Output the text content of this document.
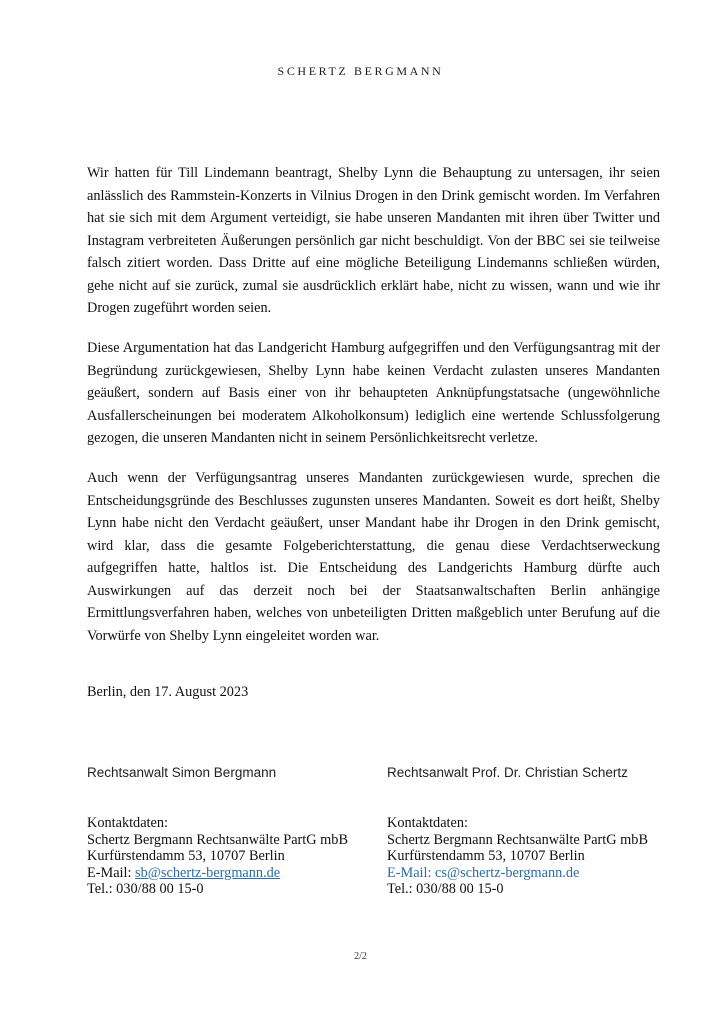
SCHERTZ BERGMANN

Wir hatten für Till Lindemann beantragt, Shelby Lynn die Behauptung zu untersagen, ihr seien anlässlich des Rammstein-Konzerts in Vilnius Drogen in den Drink gemischt worden. Im Verfahren hat sie sich mit dem Argument verteidigt, sie habe unseren Mandanten mit ihren über Twitter und Instagram verbreiteten Äußerungen persönlich gar nicht beschuldigt. Von der BBC sei sie teilweise falsch zitiert worden. Dass Dritte auf eine mögliche Beteiligung Lindemanns schließen würden, gehe nicht auf sie zurück, zumal sie ausdrücklich erklärt habe, nicht zu wissen, wann und wie ihr Drogen zugeführt worden seien.

Diese Argumentation hat das Landgericht Hamburg aufgegriffen und den Verfügungsantrag mit der Begründung zurückgewiesen, Shelby Lynn habe keinen Verdacht zulasten unseres Mandanten geäußert, sondern auf Basis einer von ihr behaupteten Anknüpfungstatsache (ungewöhnliche Ausfallerscheinungen bei moderatem Alkoholkonsum) lediglich eine wertende Schlussfolgerung gezogen, die unseren Mandanten nicht in seinem Persönlichkeitsrecht verletze.

Auch wenn der Verfügungsantrag unseres Mandanten zurückgewiesen wurde, sprechen die Entscheidungsgründe des Beschlusses zugunsten unseres Mandanten. Soweit es dort heißt, Shelby Lynn habe nicht den Verdacht geäußert, unser Mandant habe ihr Drogen in den Drink gemischt, wird klar, dass die gesamte Folgeberichterstattung, die genau diese Verdachtserweckung aufgegriffen hatte, haltlos ist. Die Entscheidung des Landgerichts Hamburg dürfte auch Auswirkungen auf das derzeit noch bei der Staatsanwaltschaften Berlin anhängige Ermittlungsverfahren haben, welches von unbeteiligten Dritten maßgeblich unter Berufung auf die Vorwürfe von Shelby Lynn eingeleitet worden war.

Berlin, den 17. August 2023
Rechtsanwalt Simon Bergmann	Rechtsanwalt Prof. Dr. Christian Schertz
Kontaktdaten:
Schertz Bergmann Rechtsanwälte PartG mbB
Kurfürstendamm 53, 10707 Berlin
E-Mail: sb@schertz-bergmann.de
Tel.: 030/88 00 15-0
Kontaktdaten:
Schertz Bergmann Rechtsanwälte PartG mbB
Kurfürstendamm 53, 10707 Berlin
E-Mail: cs@schertz-bergmann.de
Tel.: 030/88 00 15-0
2/2
